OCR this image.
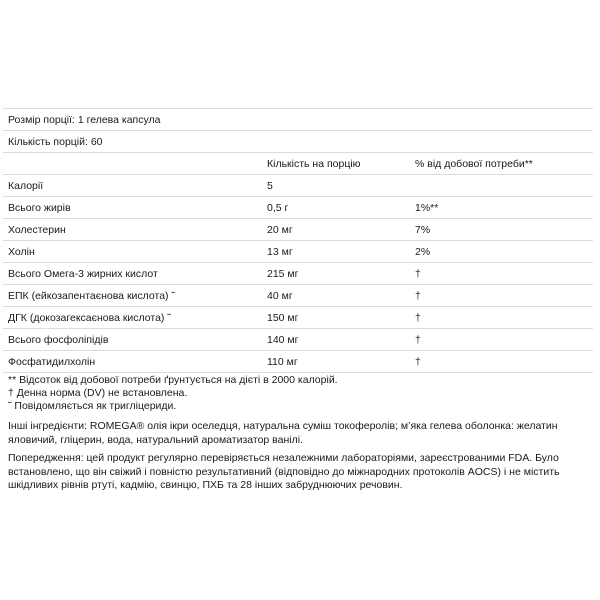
Розмір порції: 1 гелева капсула		
Кількість порцій: 60		
	Кількість на порцію	% від добової потреби**
Калорії	5	
Всього жирів	0,5 г	1%**
Холестерин	20 мг	7%
Холін	13 мг	2%
Всього Омега-3 жирних кислот	215 мг	†
ЕПК (ейкозапентаєнова кислота) ˜	40 мг	†
ДГК (докозагексаєнова кислота) ˜	150 мг	†
Всього фосфоліпідів	140 мг	†
Фосфатидилхолін	110 мг	†
** Відсоток від добової потреби ґрунтується на дієті в 2000 калорій.
† Денна норма (DV) не встановлена.
˜ Повідомляється як тригліцериди.
Інші інгредієнти: ROMEGA® олія ікри оселедця, натуральна суміш токоферолів; м’яка гелева оболонка: желатин яловичий, гліцерин, вода, натуральний ароматизатор ванілі.
Попередження: цей продукт регулярно перевіряється незалежними лабораторіями, зареєстрованими FDA. Було встановлено, що він свіжий і повністю результативний (відповідно до міжнародних протоколів AOCS) і не містить шкідливих рівнів ртуті, кадмію, свинцю, ПХБ та 28 інших забруднюючих речовин.
